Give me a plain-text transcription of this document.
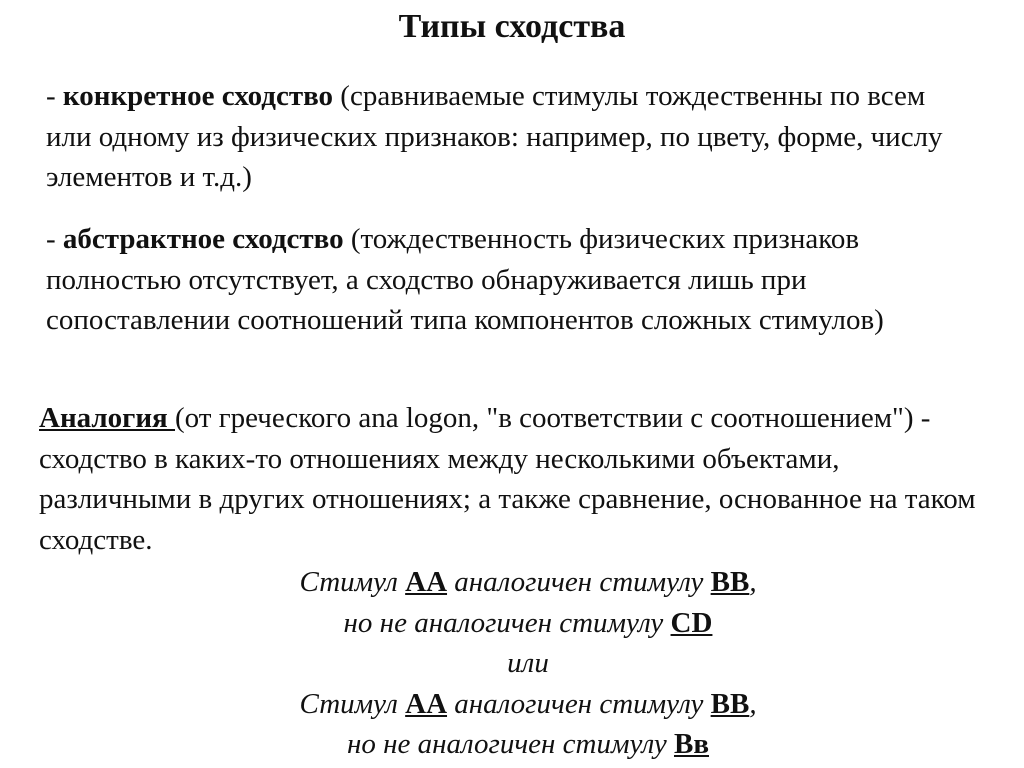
Типы сходства
- конкретное сходство (сравниваемые стимулы тождественны по всем или одному из физических признаков: например, по цвету, форме, числу элементов и т.д.)
- абстрактное сходство (тождественность физических признаков полностью отсутствует, а сходство обнаруживается лишь при сопоставлении соотношений типа компонентов сложных стимулов)
Аналогия (от греческого ana logon, "в соответствии с соотношением") - сходство в каких-то отношениях между несколькими объектами, различными в других отношениях; а также сравнение, основанное на таком сходстве.
Стимул АА аналогичен стимулу ВВ,
но не аналогичен стимулу CD
или
Стимул АА аналогичен стимулу ВВ,
но не аналогичен стимулу Вв
